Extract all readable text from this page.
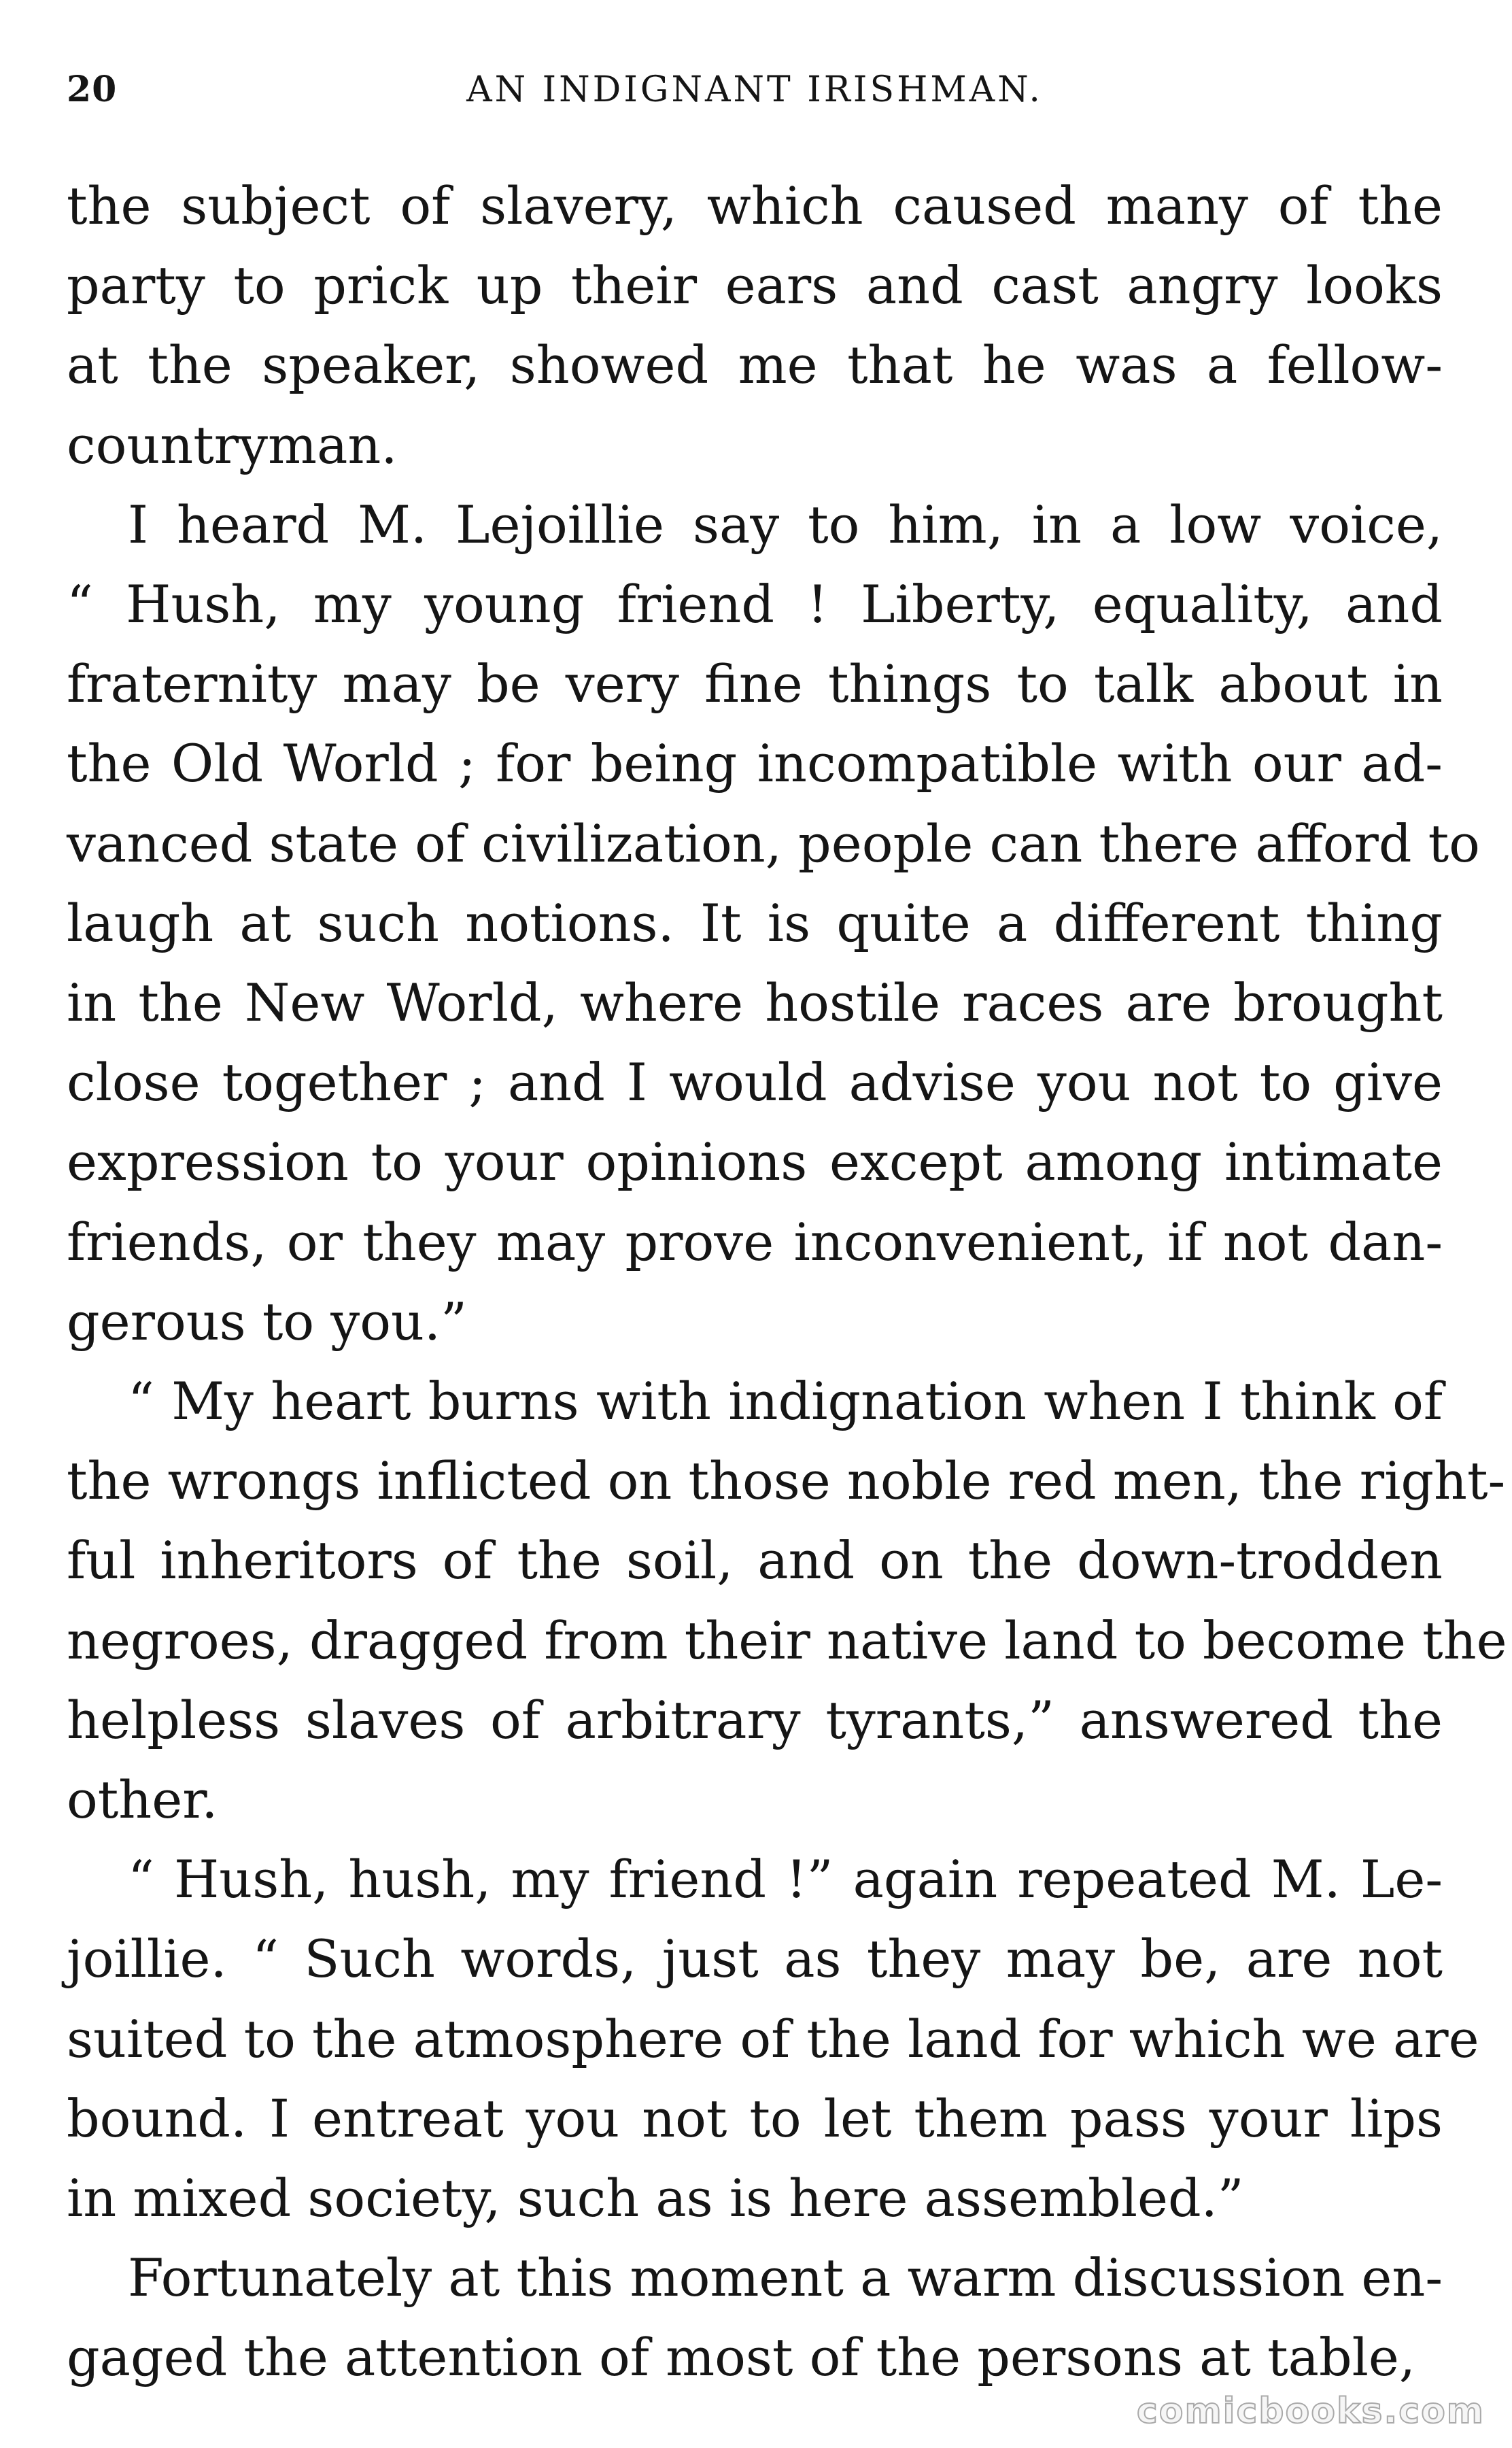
20	AN INDIGNANT IRISHMAN.

the subject of slavery, which caused many of the
party to prick up their ears and cast angry looks
at the speaker, showed me that he was a fellow-
countryman.

I heard M. Lejoillie say to him, in a low voice,
“ Hush, my young friend ! Liberty, equality, and
fraternity may be very fine things to talk about in
the Old World ; for being incompatible with our ad-
vanced state of civilization, people can there afford to
laugh at such notions. It is quite a different thing
in the New World, where hostile races are brought
close together ; and I would advise you not to give
expression to your opinions except among intimate
friends, or they may prove inconvenient, if not dan-
gerous to you.”

“ My heart burns with indignation when I think of
the wrongs inflicted on those noble red men, the right-
ful inheritors of the soil, and on the down-trodden
negroes, dragged from their native land to become the
helpless slaves of arbitrary tyrants,” answered the
other.

“ Hush, hush, my friend !” again repeated M. Le-
joillie. “ Such words, just as they may be, are not
suited to the atmosphere of the land for which we are
bound. I entreat you not to let them pass your lips
in mixed society, such as is here assembled.”

Fortunately at this moment a warm discussion en-
gaged the attention of most of the persons at table,

comicbooks.com
